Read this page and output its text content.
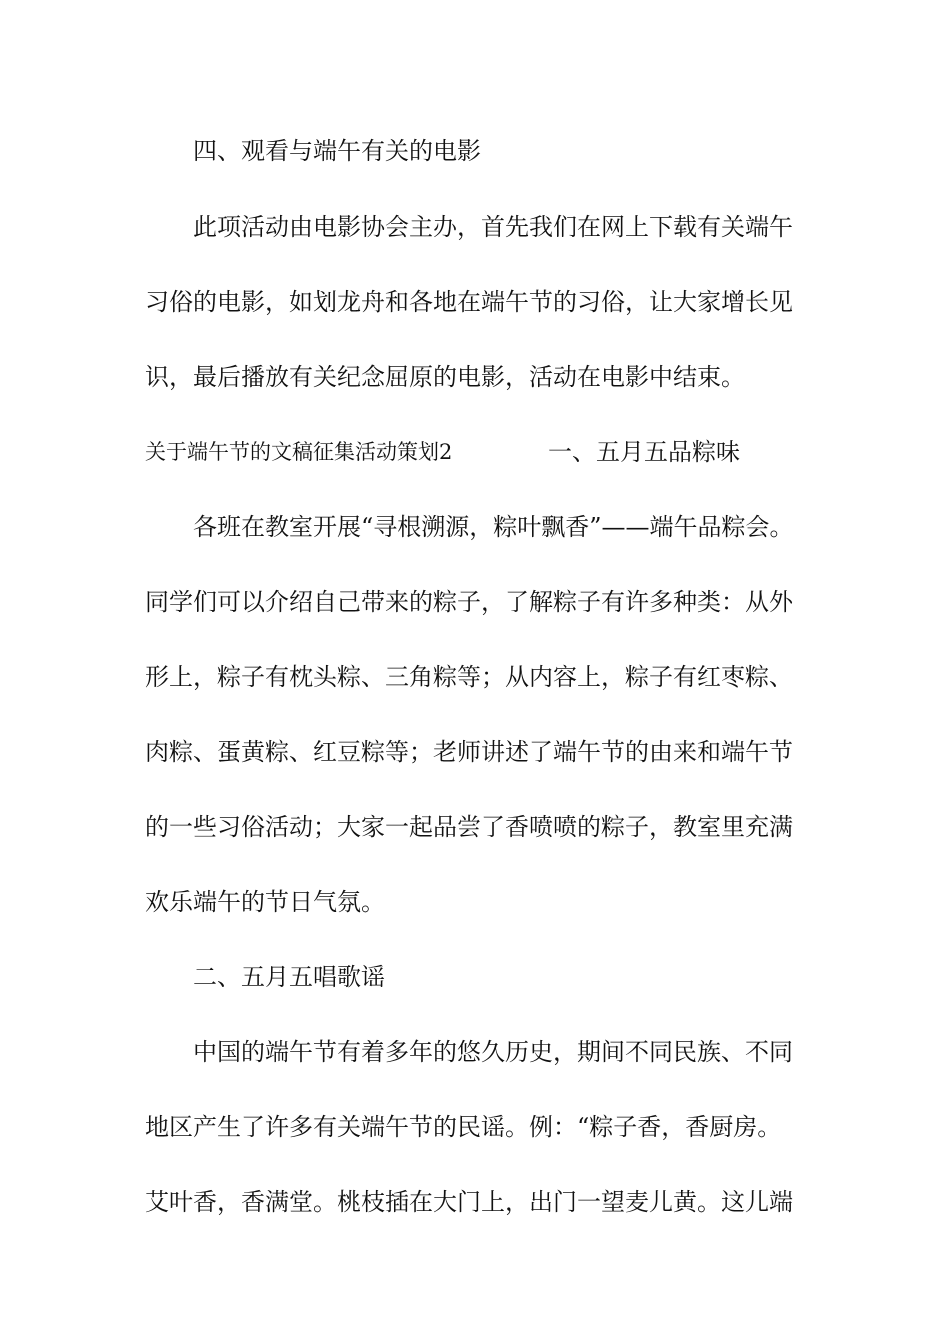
四、观看与端午有关的电影
此项活动由电影协会主办，首先我们在网上下载有关端午
习俗的电影，如划龙舟和各地在端午节的习俗，让大家增长见
识，最后播放有关纪念屈原的电影，活动在电影中结束。
关于端午节的文稿征集活动策划2	一、五月五品粽味
各班在教室开展“寻根溯源，粽叶飘香”——端午品粽会。
同学们可以介绍自己带来的粽子，了解粽子有许多种类：从外
形上，粽子有枕头粽、三角粽等；从内容上，粽子有红枣粽、
肉粽、蛋黄粽、红豆粽等；老师讲述了端午节的由来和端午节
的一些习俗活动；大家一起品尝了香喷喷的粽子，教室里充满
欢乐端午的节日气氛。
二、五月五唱歌谣
中国的端午节有着多年的悠久历史，期间不同民族、不同
地区产生了许多有关端午节的民谣。例：“粽子香，香厨房。
艾叶香，香满堂。桃枝插在大门上，出门一望麦儿黄。这儿端
